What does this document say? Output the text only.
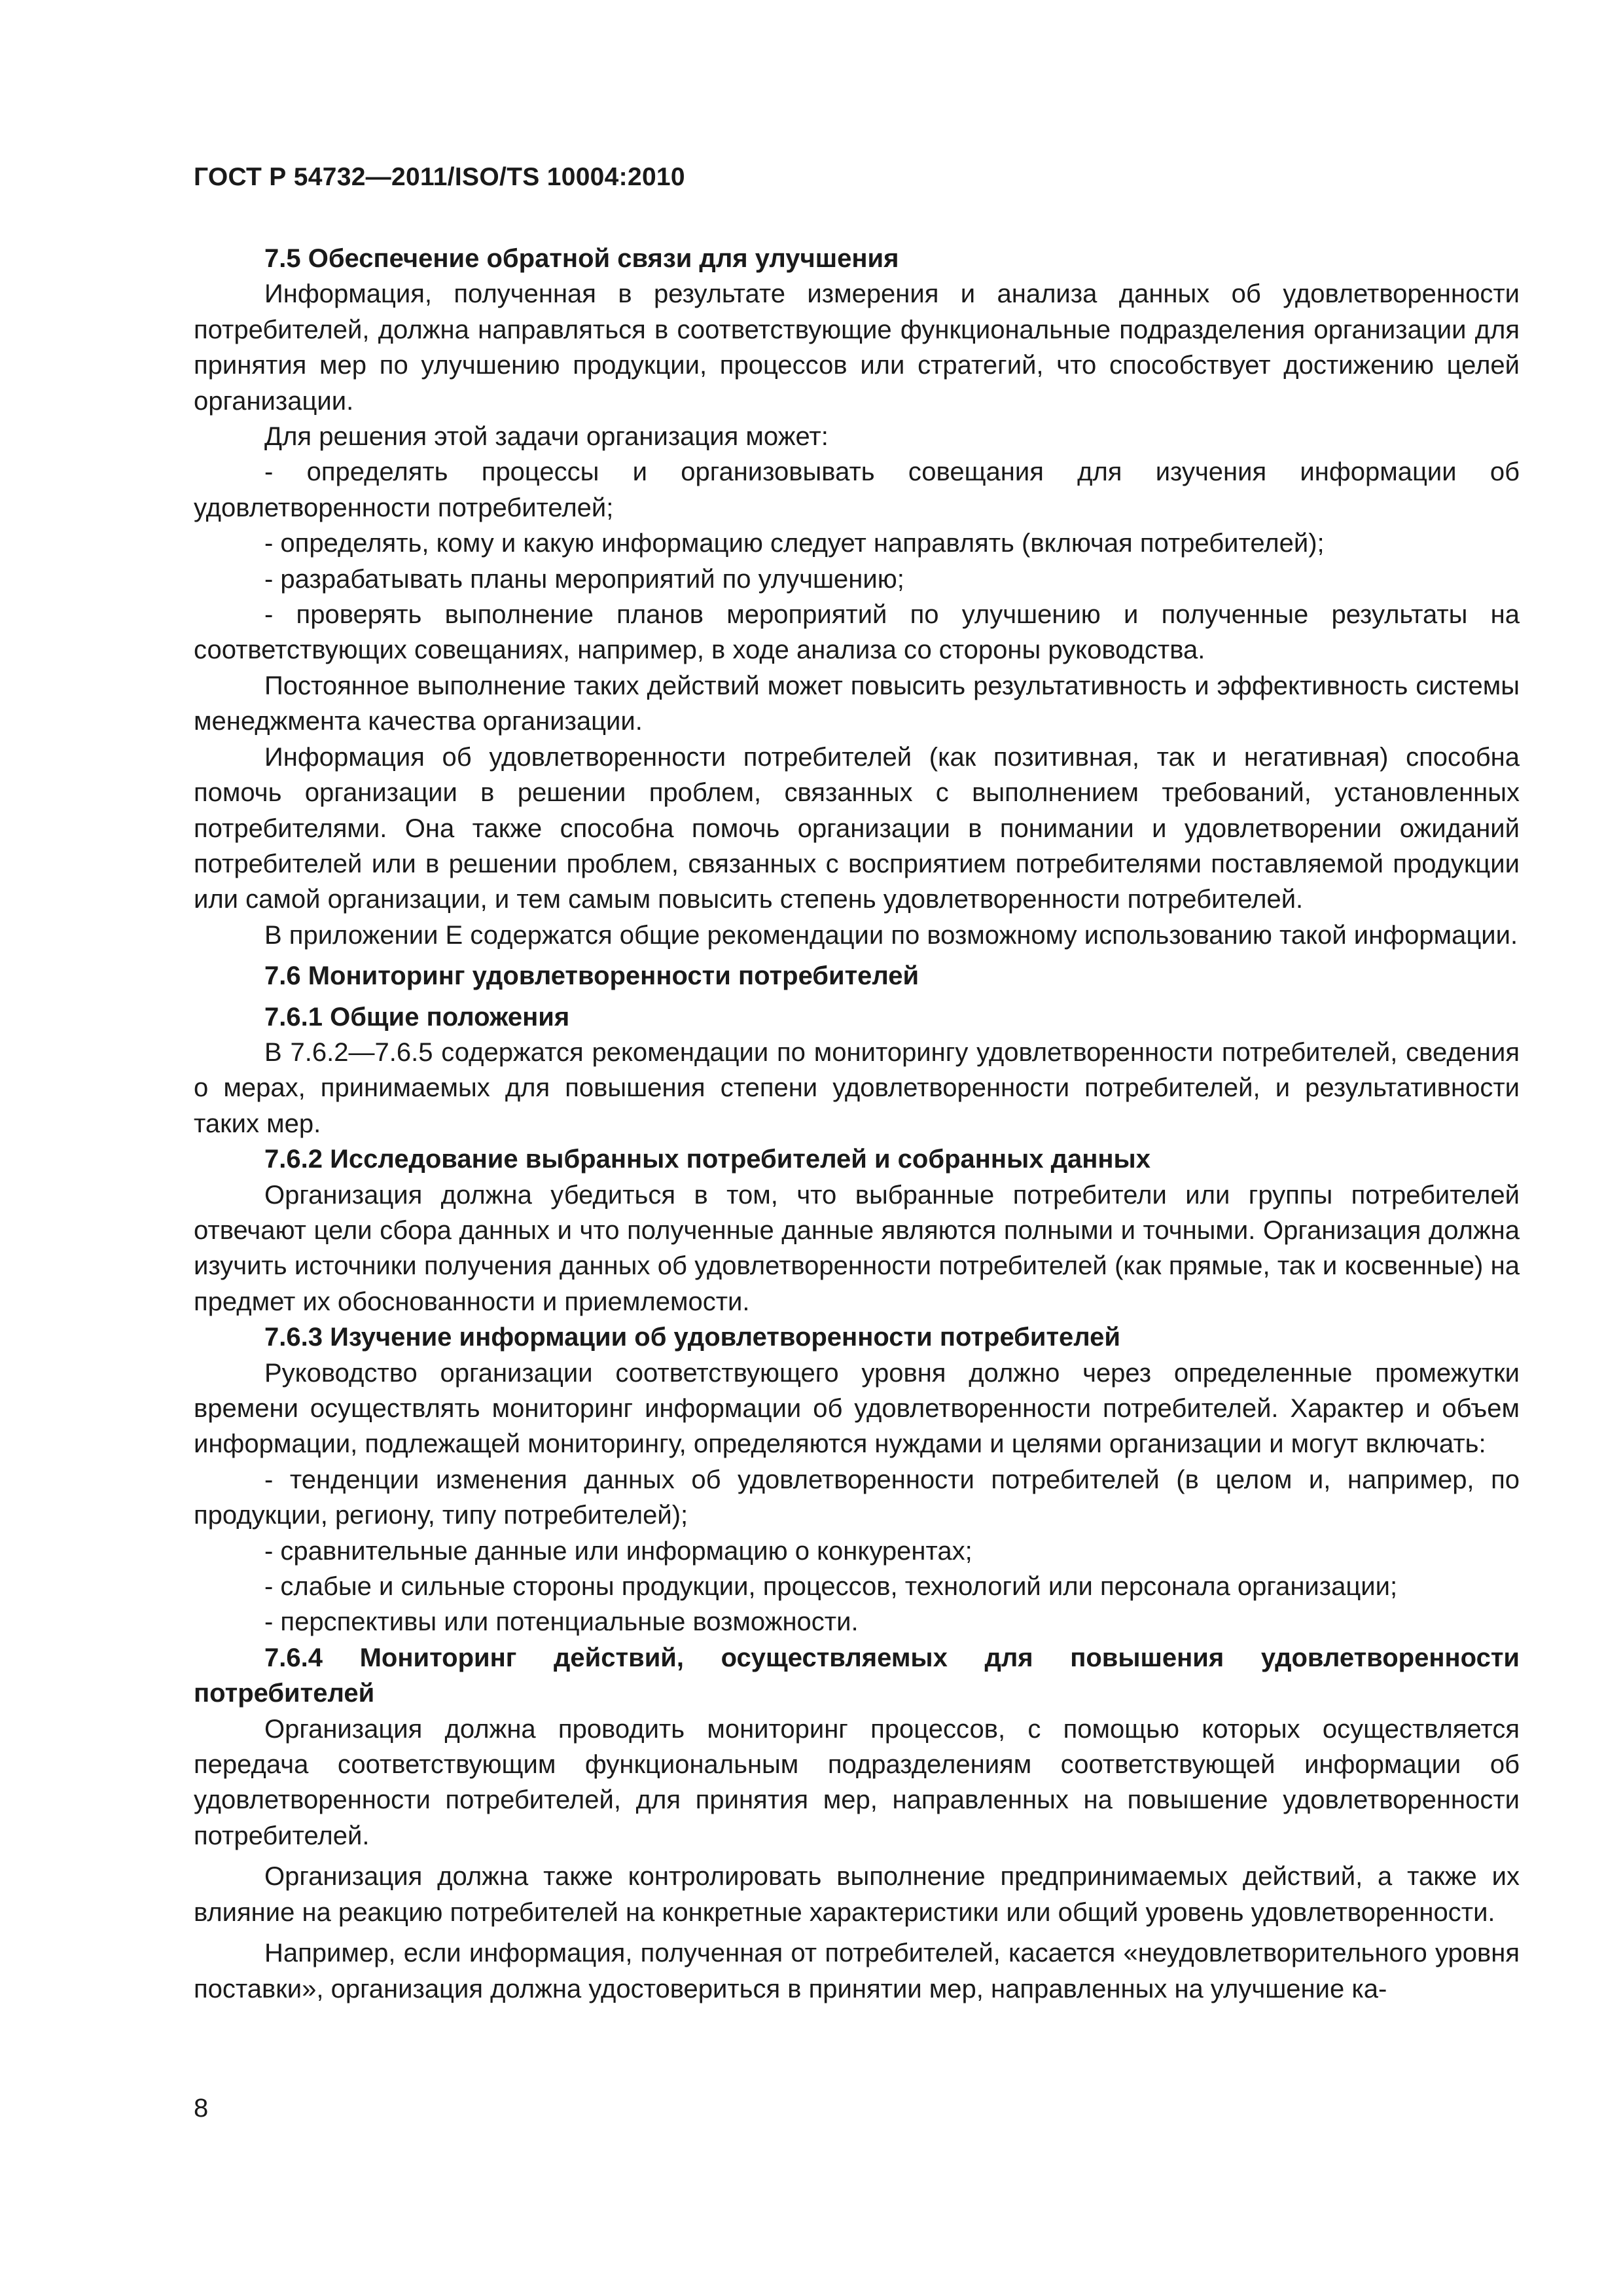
ГОСТ Р 54732—2011/ISO/TS 10004:2010
7.5 Обеспечение обратной связи для улучшения

Информация, полученная в результате измерения и анализа данных об удовлетворенности потребителей, должна направляться в соответствующие функциональные подразделения организации для принятия мер по улучшению продукции, процессов или стратегий, что способствует достижению целей организации.

Для решения этой задачи организация может:

- определять процессы и организовывать совещания для изучения информации об удовлетворенности потребителей;

- определять, кому и какую информацию следует направлять (включая потребителей);

- разрабатывать планы мероприятий по улучшению;

- проверять выполнение планов мероприятий по улучшению и полученные результаты на соответствующих совещаниях, например, в ходе анализа со стороны руководства.

Постоянное выполнение таких действий может повысить результативность и эффективность системы менеджмента качества организации.

Информация об удовлетворенности потребителей (как позитивная, так и негативная) способна помочь организации в решении проблем, связанных с выполнением требований, установленных потребителями. Она также способна помочь организации в понимании и удовлетворении ожиданий потребителей или в решении проблем, связанных с восприятием потребителями поставляемой продукции или самой организации, и тем самым повысить степень удовлетворенности потребителей.

В приложении Е содержатся общие рекомендации по возможному использованию такой информации.

7.6 Мониторинг удовлетворенности потребителей
7.6.1 Общие положения

В 7.6.2—7.6.5 содержатся рекомендации по мониторингу удовлетворенности потребителей, сведения о мерах, принимаемых для повышения степени удовлетворенности потребителей, и результативности таких мер.

7.6.2 Исследование выбранных потребителей и собранных данных

Организация должна убедиться в том, что выбранные потребители или группы потребителей отвечают цели сбора данных и что полученные данные являются полными и точными. Организация должна изучить источники получения данных об удовлетворенности потребителей (как прямые, так и косвенные) на предмет их обоснованности и приемлемости.

7.6.3 Изучение информации об удовлетворенности потребителей

Руководство организации соответствующего уровня должно через определенные промежутки времени осуществлять мониторинг информации об удовлетворенности потребителей. Характер и объем информации, подлежащей мониторингу, определяются нуждами и целями организации и могут включать:

- тенденции изменения данных об удовлетворенности потребителей (в целом и, например, по продукции, региону, типу потребителей);

- сравнительные данные или информацию о конкурентах;

- слабые и сильные стороны продукции, процессов, технологий или персонала организации;

- перспективы или потенциальные возможности.

7.6.4 Мониторинг действий, осуществляемых для повышения удовлетворенности потребителей

Организация должна проводить мониторинг процессов, с помощью которых осуществляется передача соответствующим функциональным подразделениям соответствующей информации об удовлетворенности потребителей, для принятия мер, направленных на повышение удовлетворенности потребителей.

Организация должна также контролировать выполнение предпринимаемых действий, а также их влияние на реакцию потребителей на конкретные характеристики или общий уровень удовлетворенности.

Например, если информация, полученная от потребителей, касается «неудовлетворительного уровня поставки», организация должна удостовериться в принятии мер, направленных на улучшение ка-

8
